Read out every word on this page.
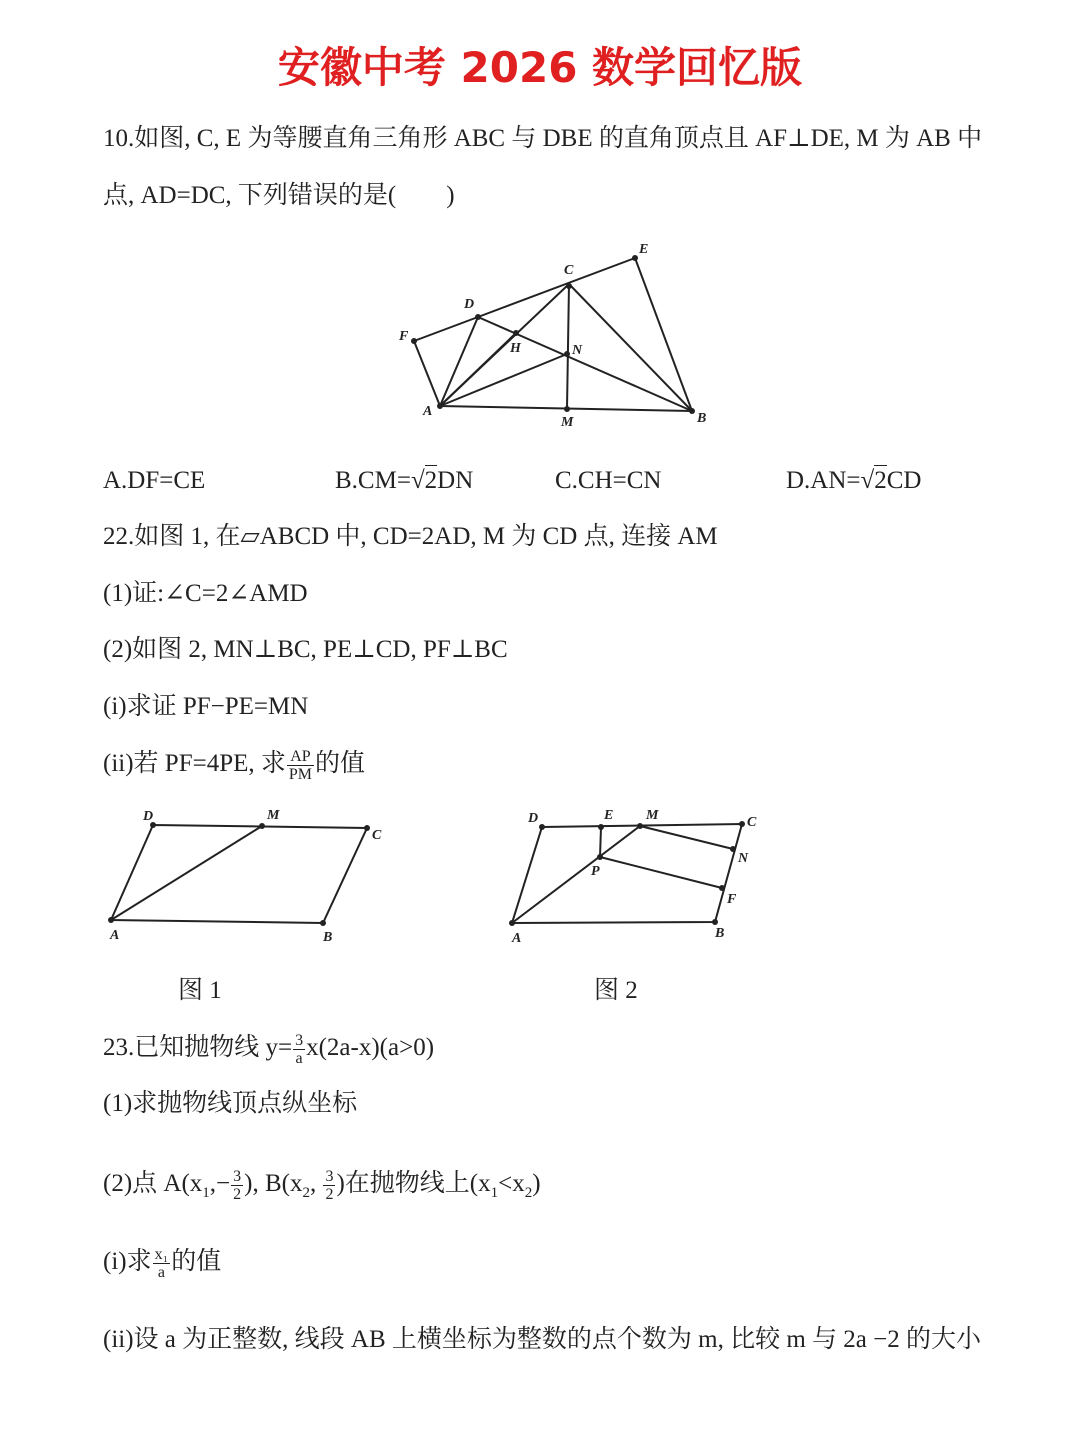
安徽中考 2026 数学回忆版
10.如图, C, E 为等腰直角三角形 ABC 与 DBE 的直角顶点且 AF⊥DE, M 为 AB 中
点, AD=DC, 下列错误的是(　　)
E
C
D
F
H	N
A
M	B
A.DF=CE	B.CM=√2DN	C.CH=CN	D.AN=√2CD
22.如图 1, 在▱ABCD 中, CD=2AD, M 为 CD 点, 连接 AM
(1)证:∠C=2∠AMD
(2)如图 2, MN⊥BC, PE⊥CD, PF⊥BC
(i)求证 PF−PE=MN
(ii)若 PF=4PE, 求 $\frac{AP}{PM}$ 的值
D	M
C
A	B
D	E M	C
N
P
F
A	B
图 1	图 2
23.已知抛物线 $y= \frac{3}{a} x(2a-x)(a>0)$
(1)求抛物线顶点纵坐标
(2)点 $A(x_1,- \frac{3}{2}$ ), $B(x_2$, $\frac{3}{2}$ )在抛物线上$(x_1<x_2)$
(i)求 $\frac{\text{x₁}}{a}$ 的值
(ii)设 a 为正整数, 线段 AB 上横坐标为整数的点个数为 m, 比较 m 与 2a −2 的大小
